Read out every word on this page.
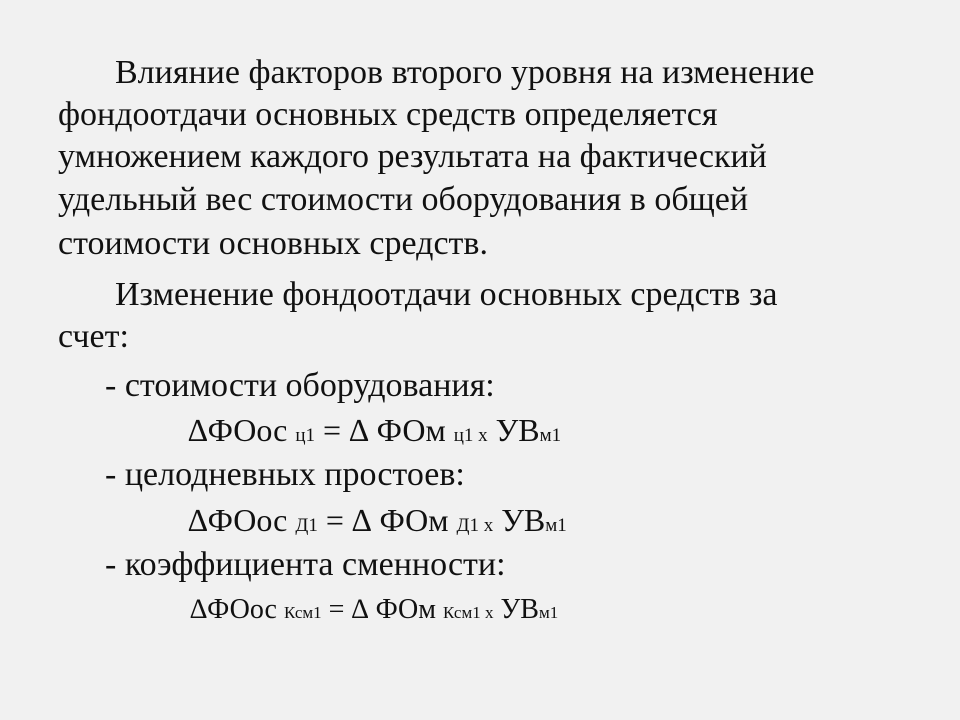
Влияние факторов второго уровня на изменение
фондоотдачи основных средств определяется
умножением каждого результата на фактический
удельный вес стоимости оборудования в общей
стоимости основных средств.
Изменение фондоотдачи основных средств за
счет:
- стоимости оборудования:
∆ФОос ц1 = ∆ ФОм ц1 х УВм1
- целодневных простоев:
∆ФОос Д1 = ∆ ФОм Д1 х УВм1
- коэффициента сменности:
∆ФОос Ксм1 = ∆ ФОм Ксм1 х УВм1
